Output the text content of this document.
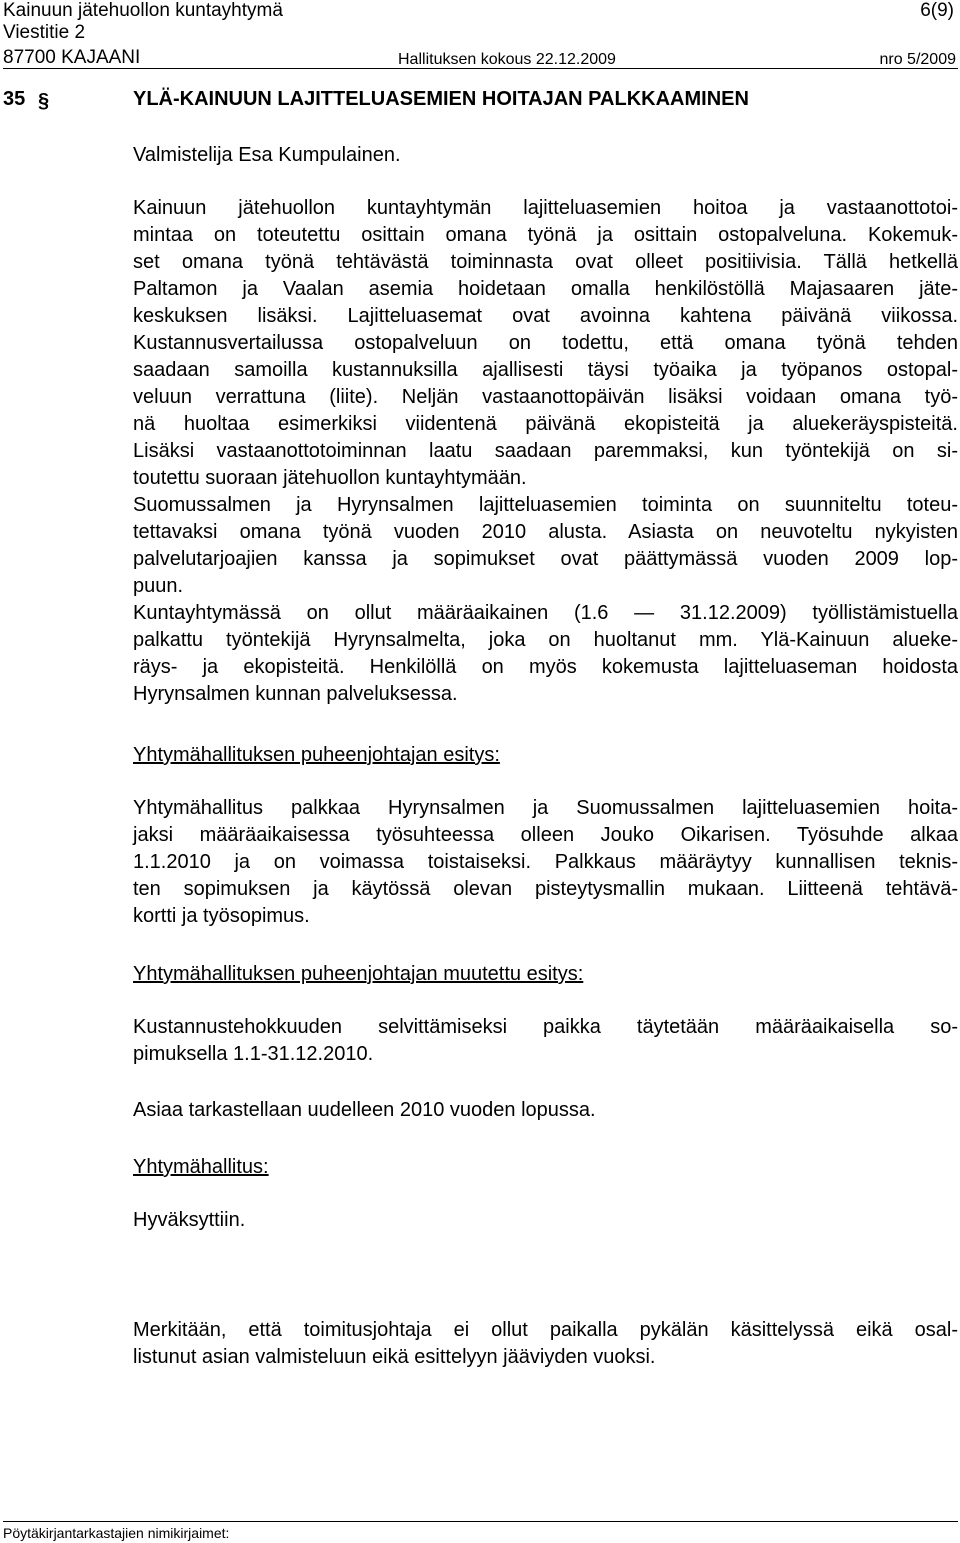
Kainuun jätehuollon kuntayhtymä	6(9)
Viestitie 2
87700 KAJAANI	Hallituksen kokous 22.12.2009	nro 5/2009
35 §	YLÄ-KAINUUN LAJITTELUASEMIEN HOITAJAN PALKKAAMINEN
Valmistelija Esa Kumpulainen.
Kainuun jätehuollon kuntayhtymän lajitteluasemien hoitoa ja vastaanottotoi-
mintaa on toteutettu osittain omana työnä ja osittain ostopalveluna. Kokemuk-
set omana työnä tehtävästä toiminnasta ovat olleet positiivisia. Tällä hetkellä
Paltamon ja Vaalan asemia hoidetaan omalla henkilöstöllä Majasaaren jäte-
keskuksen lisäksi. Lajitteluasemat ovat avoinna kahtena päivänä viikossa.
Kustannusvertailussa ostopalveluun on todettu, että omana työnä tehden
saadaan samoilla kustannuksilla ajallisesti täysi työaika ja työpanos ostopal-
veluun verrattuna (liite). Neljän vastaanottopäivän lisäksi voidaan omana työ-
nä huoltaa esimerkiksi viidentenä päivänä ekopisteitä ja aluekeräyspisteitä.
Lisäksi vastaanottotoiminnan laatu saadaan paremmaksi, kun työntekijä on si-
toutettu suoraan jätehuollon kuntayhtymään.
Suomussalmen ja Hyrynsalmen lajitteluasemien toiminta on suunniteltu toteu-
tettavaksi omana työnä vuoden 2010 alusta. Asiasta on neuvoteltu nykyisten
palvelutarjoajien kanssa ja sopimukset ovat päättymässä vuoden 2009 lop-
puun.
Kuntayhtymässä on ollut määräaikainen (1.6 — 31.12.2009) työllistämistuella
palkattu työntekijä Hyrynsalmelta, joka on huoltanut mm. Ylä-Kainuun alueke-
räys- ja ekopisteitä. Henkilöllä on myös kokemusta lajitteluaseman hoidosta
Hyrynsalmen kunnan palveluksessa.
Yhtymähallituksen puheenjohtajan esitys:
Yhtymähallitus palkkaa Hyrynsalmen ja Suomussalmen lajitteluasemien hoita-
jaksi määräaikaisessa työsuhteessa olleen Jouko Oikarisen. Työsuhde alkaa
1.1.2010 ja on voimassa toistaiseksi. Palkkaus määräytyy kunnallisen teknis-
ten sopimuksen ja käytössä olevan pisteytysmallin mukaan. Liitteenä tehtävä-
kortti ja työsopimus.
Yhtymähallituksen puheenjohtajan muutettu esitys:
Kustannustehokkuuden selvittämiseksi paikka täytetään määräaikaisella so-
pimuksella 1.1-31.12.2010.
Asiaa tarkastellaan uudelleen 2010 vuoden lopussa.
Yhtymähallitus:
Hyväksyttiin.
Merkitään, että toimitusjohtaja ei ollut paikalla pykälän käsittelyssä eikä osal-
listunut asian valmisteluun eikä esittelyyn jääviyden vuoksi.
Pöytäkirjantarkastajien nimikirjaimet:
